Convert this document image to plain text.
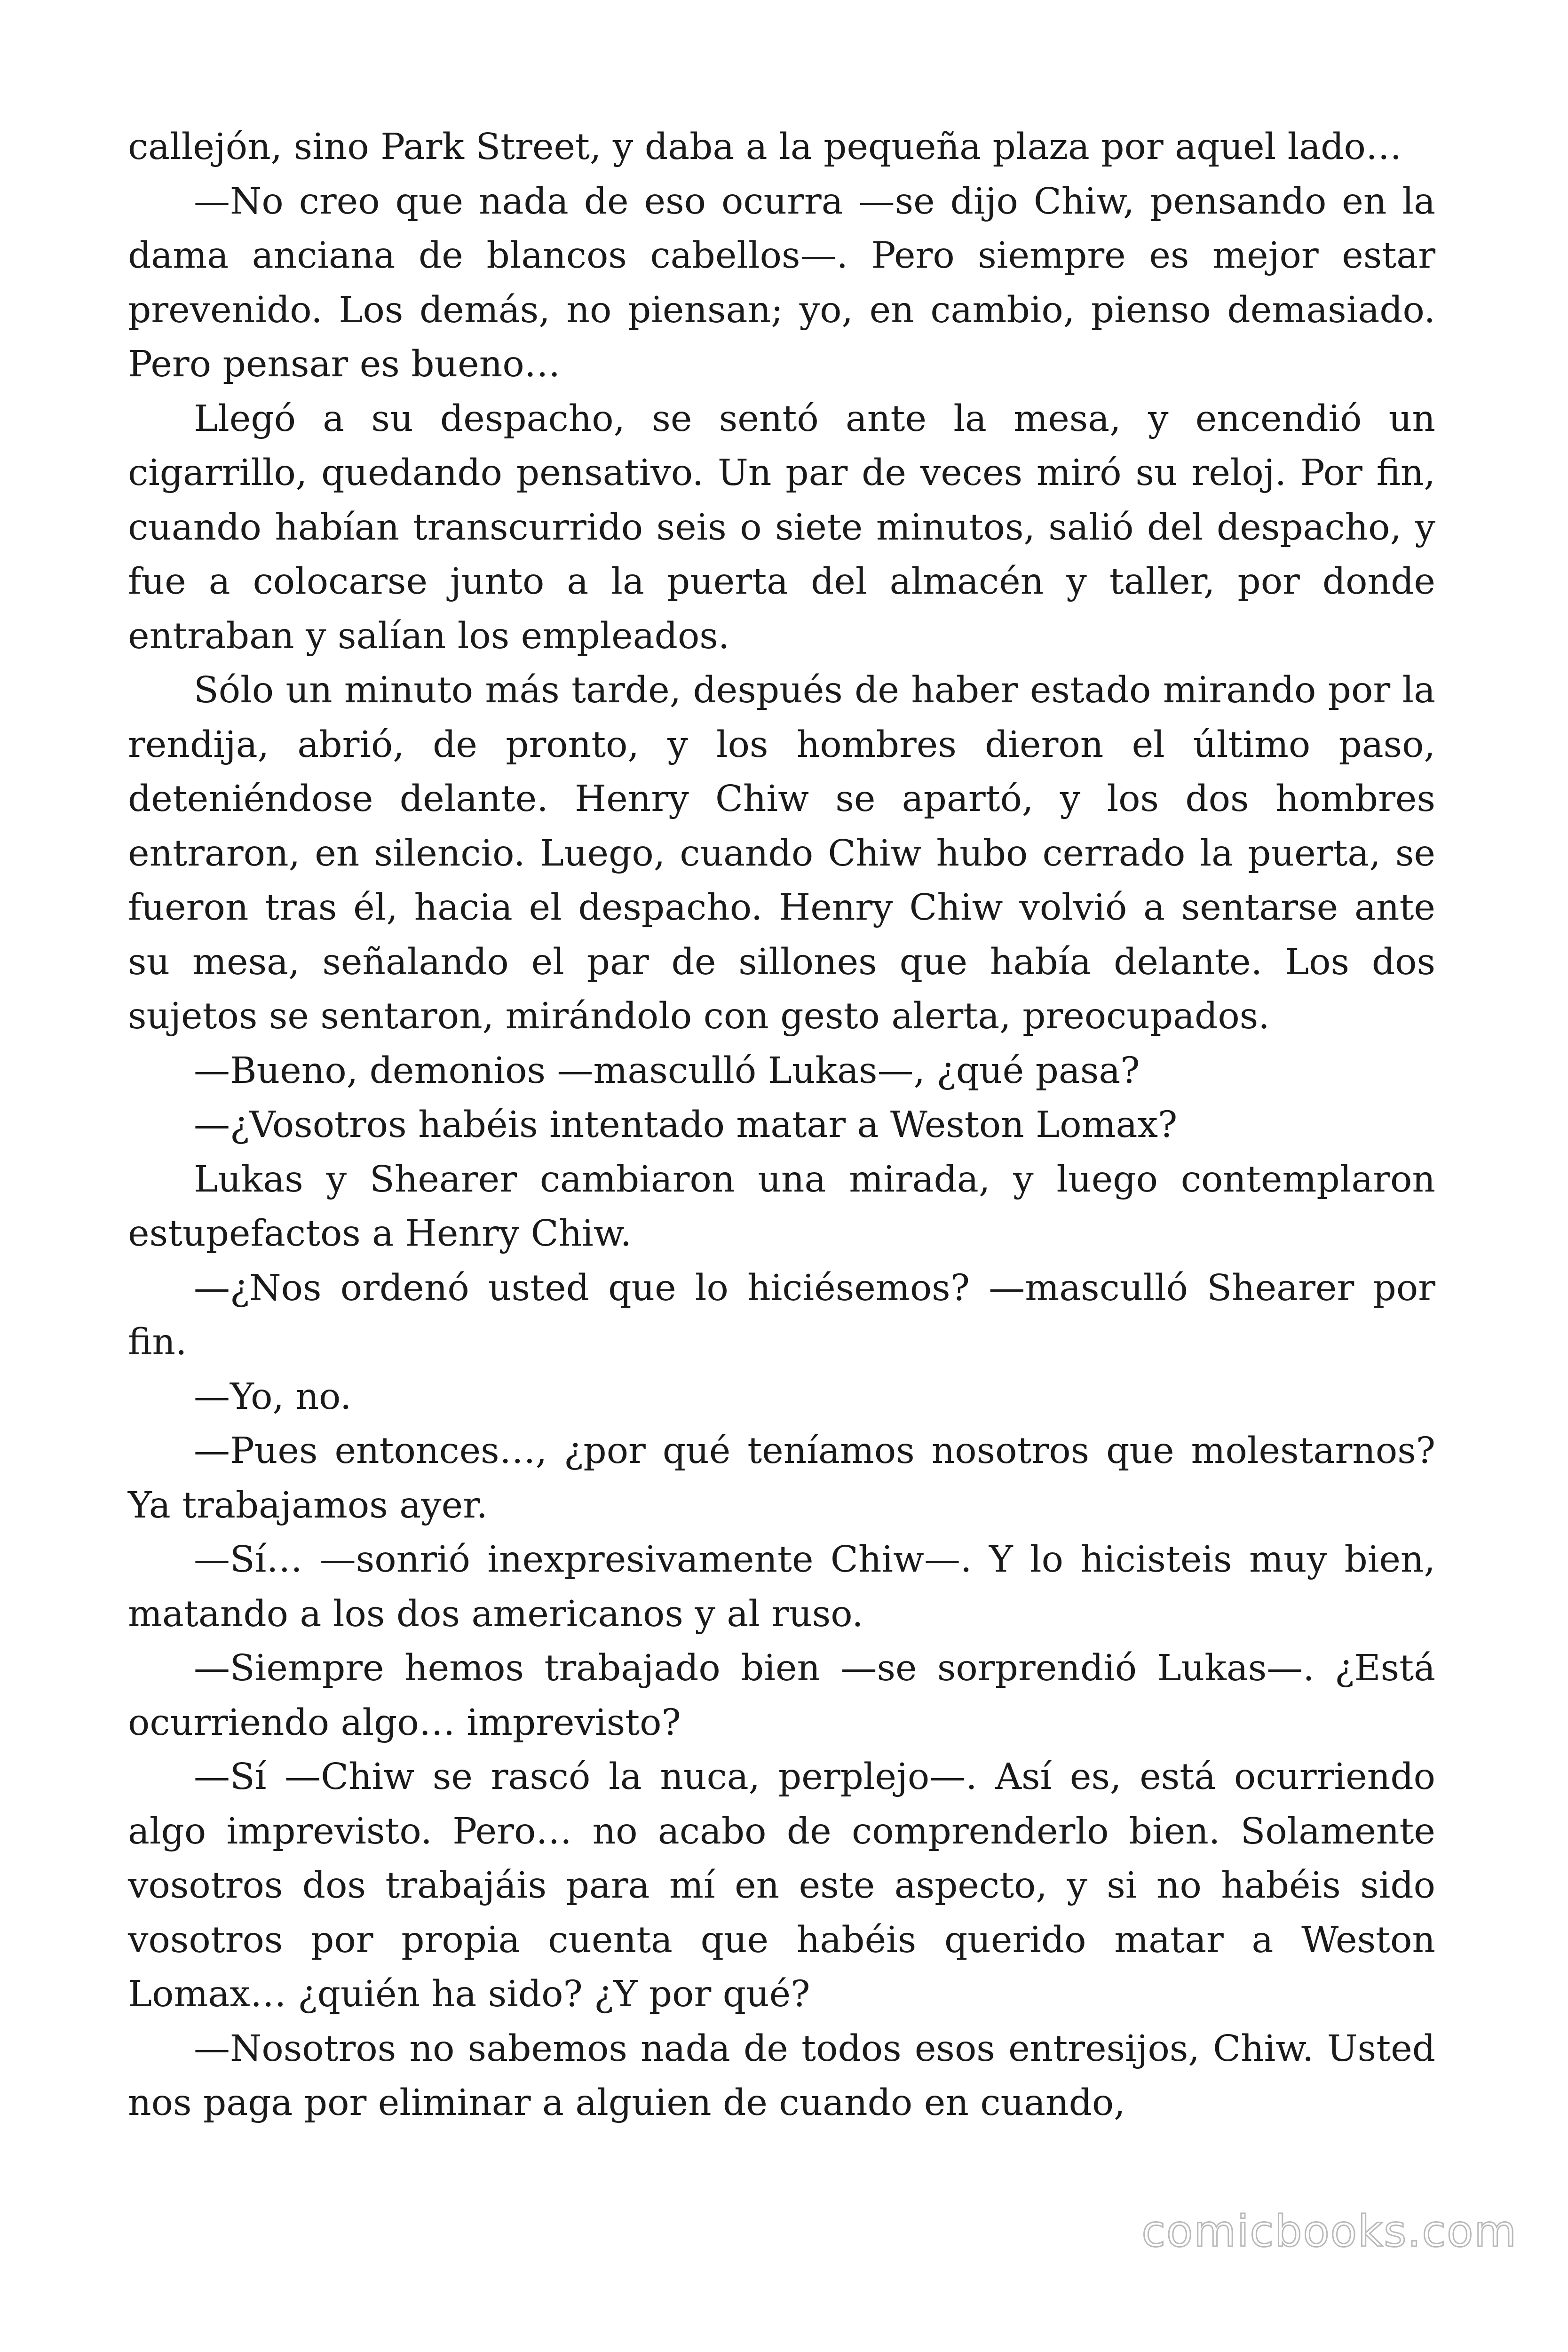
callejón, sino Park Street, y daba a la pequeña plaza por aquel lado…

—No creo que nada de eso ocurra —se dijo Chiw, pensando en la dama anciana de blancos cabellos—. Pero siempre es mejor estar prevenido. Los demás, no piensan; yo, en cambio, pienso demasiado. Pero pensar es bueno…

Llegó a su despacho, se sentó ante la mesa, y encendió un cigarrillo, quedando pensativo. Un par de veces miró su reloj. Por fin, cuando habían transcurrido seis o siete minutos, salió del despacho, y fue a colocarse junto a la puerta del almacén y taller, por donde entraban y salían los empleados.

Sólo un minuto más tarde, después de haber estado mirando por la rendija, abrió, de pronto, y los hombres dieron el último paso, deteniéndose delante. Henry Chiw se apartó, y los dos hombres entraron, en silencio. Luego, cuando Chiw hubo cerrado la puerta, se fueron tras él, hacia el despacho. Henry Chiw volvió a sentarse ante su mesa, señalando el par de sillones que había delante. Los dos sujetos se sentaron, mirándolo con gesto alerta, preocupados.

—Bueno, demonios —masculló Lukas—, ¿qué pasa?

—¿Vosotros habéis intentado matar a Weston Lomax?

Lukas y Shearer cambiaron una mirada, y luego contemplaron estupefactos a Henry Chiw.

—¿Nos ordenó usted que lo hiciésemos? —masculló Shearer por fin.

—Yo, no.

—Pues entonces…, ¿por qué teníamos nosotros que molestarnos? Ya trabajamos ayer.

—Sí… —sonrió inexpresivamente Chiw—. Y lo hicisteis muy bien, matando a los dos americanos y al ruso.

—Siempre hemos trabajado bien —se sorprendió Lukas—. ¿Está ocurriendo algo… imprevisto?

—Sí —Chiw se rascó la nuca, perplejo—. Así es, está ocurriendo algo imprevisto. Pero… no acabo de comprenderlo bien. Solamente vosotros dos trabajáis para mí en este aspecto, y si no habéis sido vosotros por propia cuenta que habéis querido matar a Weston Lomax… ¿quién ha sido? ¿Y por qué?

—Nosotros no sabemos nada de todos esos entresijos, Chiw. Usted nos paga por eliminar a alguien de cuando en cuando,

comicbooks.com
